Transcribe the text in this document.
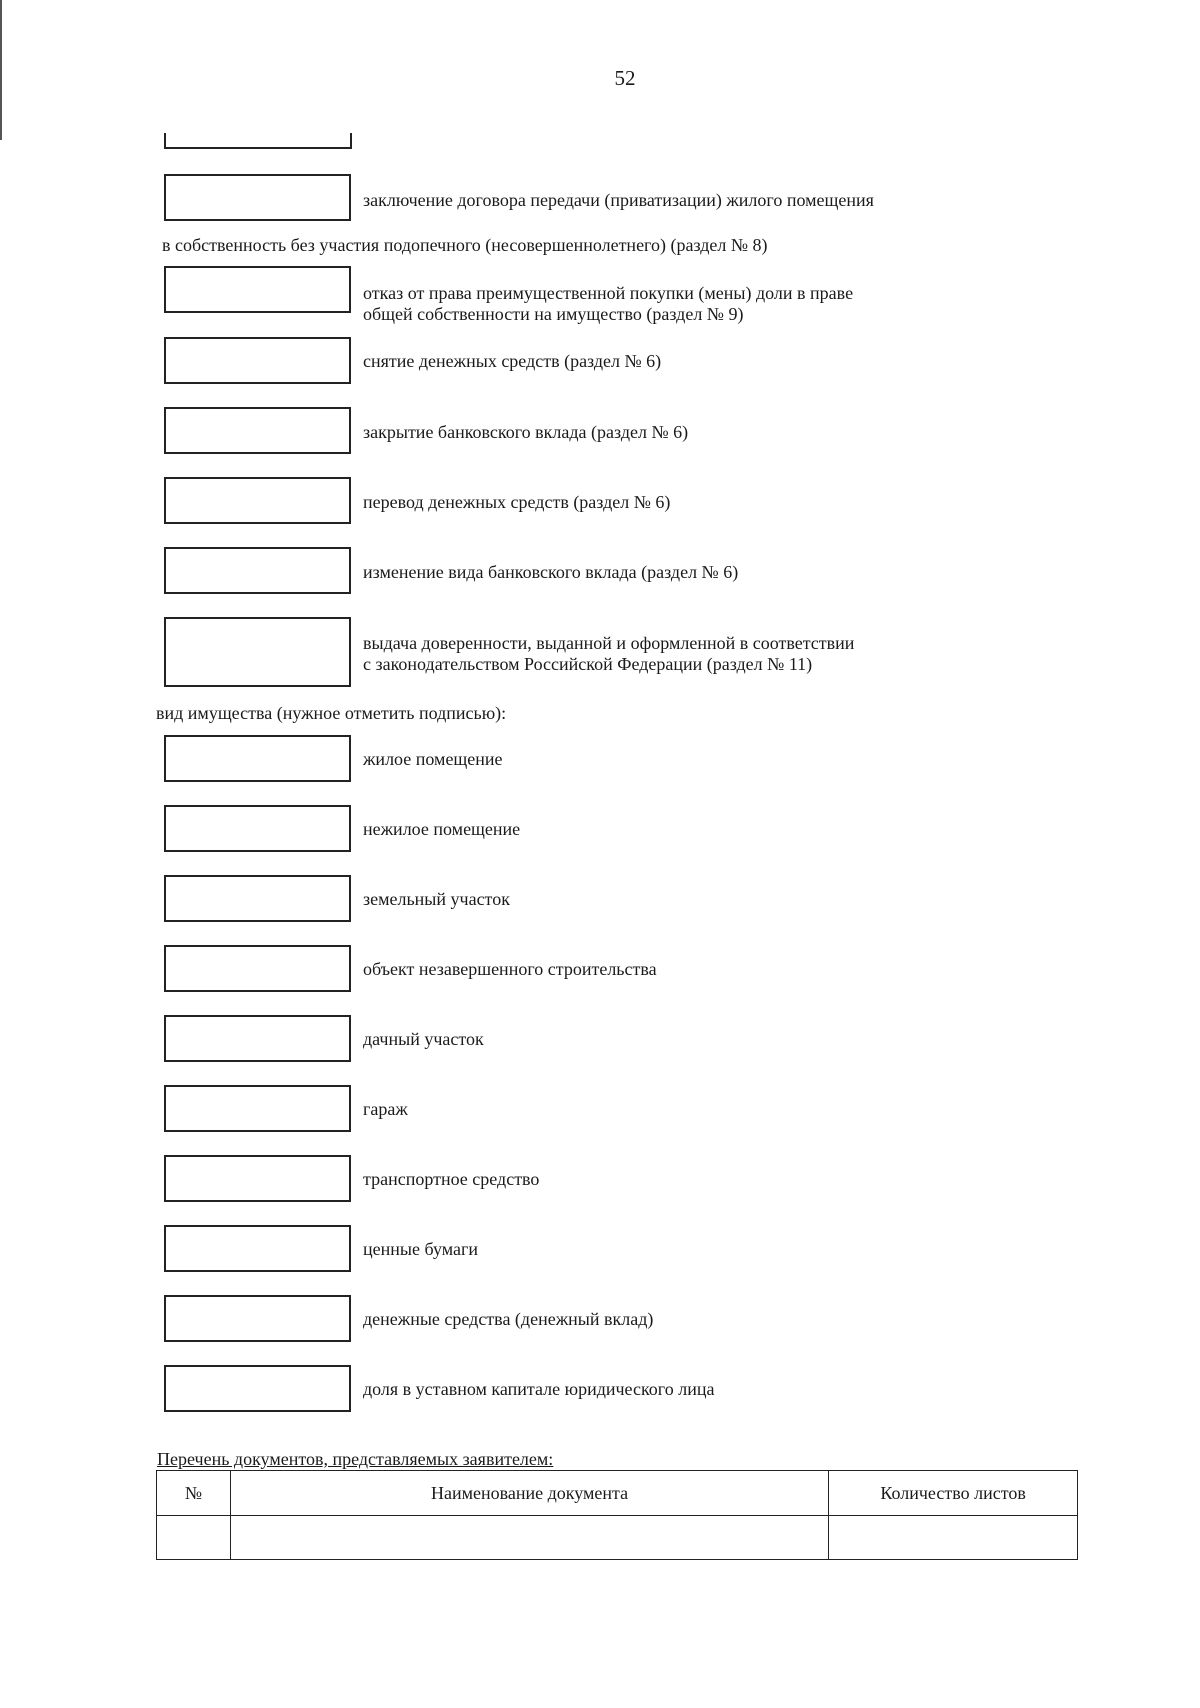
52
заключение договора передачи (приватизации) жилого помещения
в собственность без участия подопечного (несовершеннолетнего) (раздел № 8)
отказ от права преимущественной покупки (мены) доли в праве
общей собственности на имущество (раздел № 9)
снятие денежных средств (раздел № 6)
закрытие банковского вклада (раздел № 6)
перевод денежных средств (раздел № 6)
изменение вида банковского вклада (раздел № 6)
выдача доверенности, выданной и оформленной в соответствии
с законодательством Российской Федерации (раздел № 11)
вид имущества (нужное отметить подписью):
жилое помещение
нежилое помещение
земельный участок
объект незавершенного строительства
дачный участок
гараж
транспортное средство
ценные бумаги
денежные средства (денежный вклад)
доля в уставном капитале юридического лица
Перечень документов, представляемых заявителем:
№	Наименование документа	Количество листов
